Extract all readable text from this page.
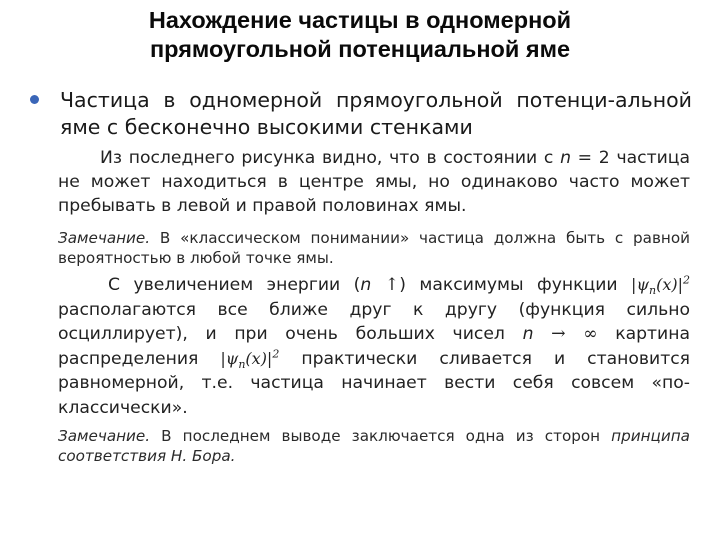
Нахождение частицы в одномерной
прямоугольной потенциальной яме
Частица в одномерной прямоугольной потенци-альной яме с бесконечно высокими стенками
Из последнего рисунка видно, что в состоянии с n = 2 частица не может находиться в центре ямы, но одинаково часто может пребывать в левой и правой половинах ямы.
Замечание. В «классическом понимании» частица должна быть с равной вероятностью в любой точке ямы.
С увеличением энергии (n ↑) максимумы функции $|\psi_n(x)|^2$ располагаются все ближе друг к другу (функция сильно осциллирует), и при очень больших чисел n → ∞ картина распределения $|\psi_n(x)|^2$ практически сливается и становится равномерной, т.е. частица начинает вести себя совсем «по-классически».
Замечание. В последнем выводе заключается одна из сторон принципа соответствия Н. Бора.
